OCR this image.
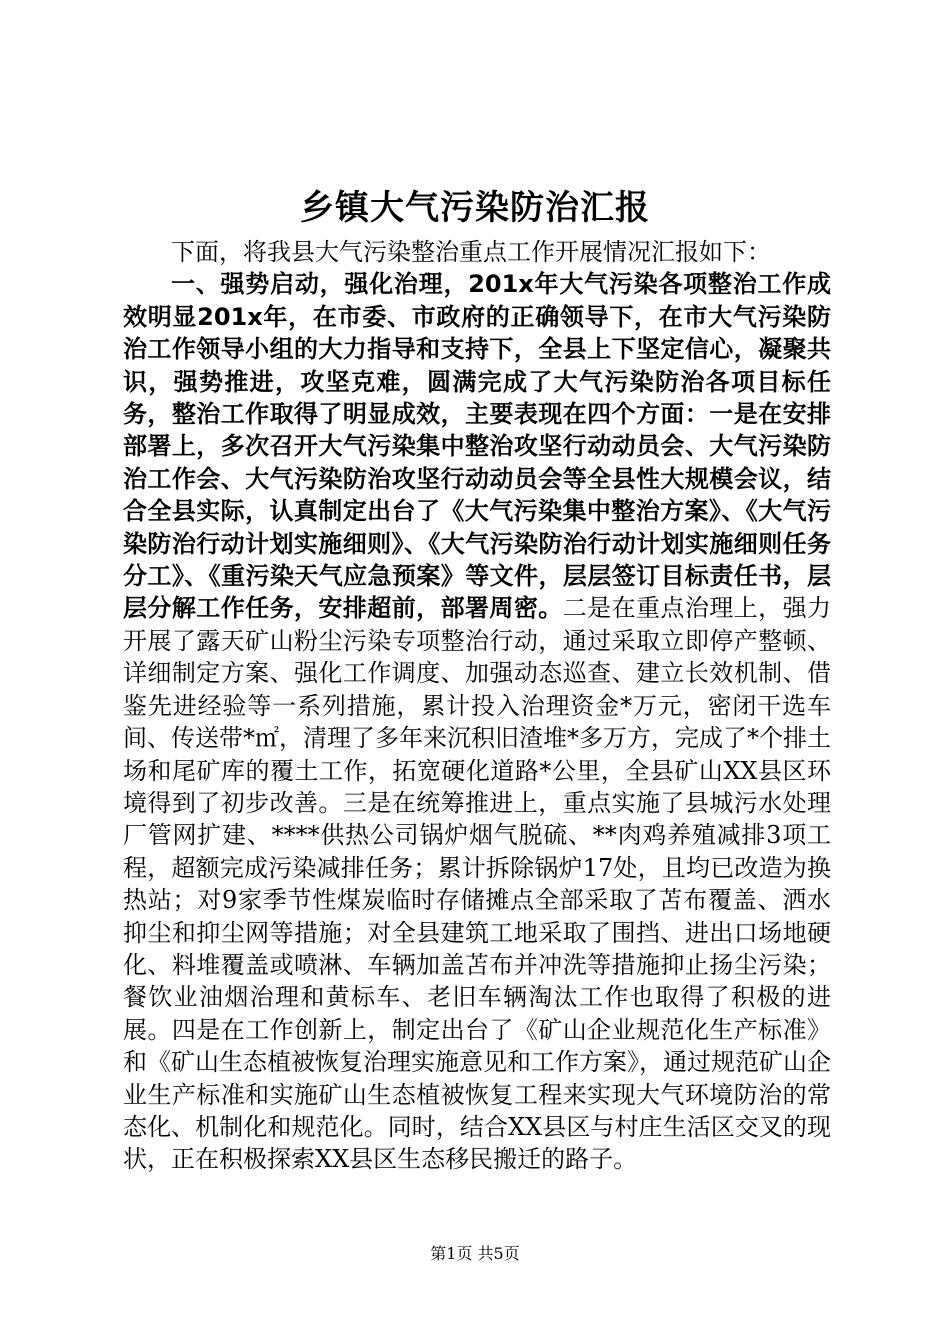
乡镇大气污染防治汇报

下面，将我县大气污染整治重点工作开展情况汇报如下：

一、强势启动，强化治理，201x年大气污染各项整治工作成效明显201x年，在市委、市政府的正确领导下，在市大气污染防治工作领导小组的大力指导和支持下，全县上下坚定信心，凝聚共识，强势推进，攻坚克难，圆满完成了大气污染防治各项目标任务，整治工作取得了明显成效，主要表现在四个方面：一是在安排部署上，多次召开大气污染集中整治攻坚行动动员会、大气污染防治工作会、大气污染防治攻坚行动动员会等全县性大规模会议，结合全县实际，认真制定出台了《大气污染集中整治方案》、《大气污染防治行动计划实施细则》、《大气污染防治行动计划实施细则任务分工》、《重污染天气应急预案》等文件，层层签订目标责任书，层层分解工作任务，安排超前，部署周密。二是在重点治理上，强力开展了露天矿山粉尘污染专项整治行动，通过采取立即停产整顿、详细制定方案、强化工作调度、加强动态巡查、建立长效机制、借鉴先进经验等一系列措施，累计投入治理资金*万元，密闭干选车间、传送带*㎡，清理了多年来沉积旧渣堆*多万方，完成了*个排土场和尾矿库的覆土工作，拓宽硬化道路*公里，全县矿山XX县区环境得到了初步改善。三是在统筹推进上，重点实施了县城污水处理厂管网扩建、****供热公司锅炉烟气脱硫、**肉鸡养殖减排3项工程，超额完成污染减排任务；累计拆除锅炉17处，且均已改造为换热站；对9家季节性煤炭临时存储摊点全部采取了苫布覆盖、洒水抑尘和抑尘网等措施；对全县建筑工地采取了围挡、进出口场地硬化、料堆覆盖或喷淋、车辆加盖苫布并冲洗等措施抑止扬尘污染；餐饮业油烟治理和黄标车、老旧车辆淘汰工作也取得了积极的进展。四是在工作创新上，制定出台了《矿山企业规范化生产标准》和《矿山生态植被恢复治理实施意见和工作方案》，通过规范矿山企业生产标准和实施矿山生态植被恢复工程来实现大气环境防治的常态化、机制化和规范化。同时，结合XX县区与村庄生活区交叉的现状，正在积极探索XX县区生态移民搬迁的路子。

第1页 共5页
